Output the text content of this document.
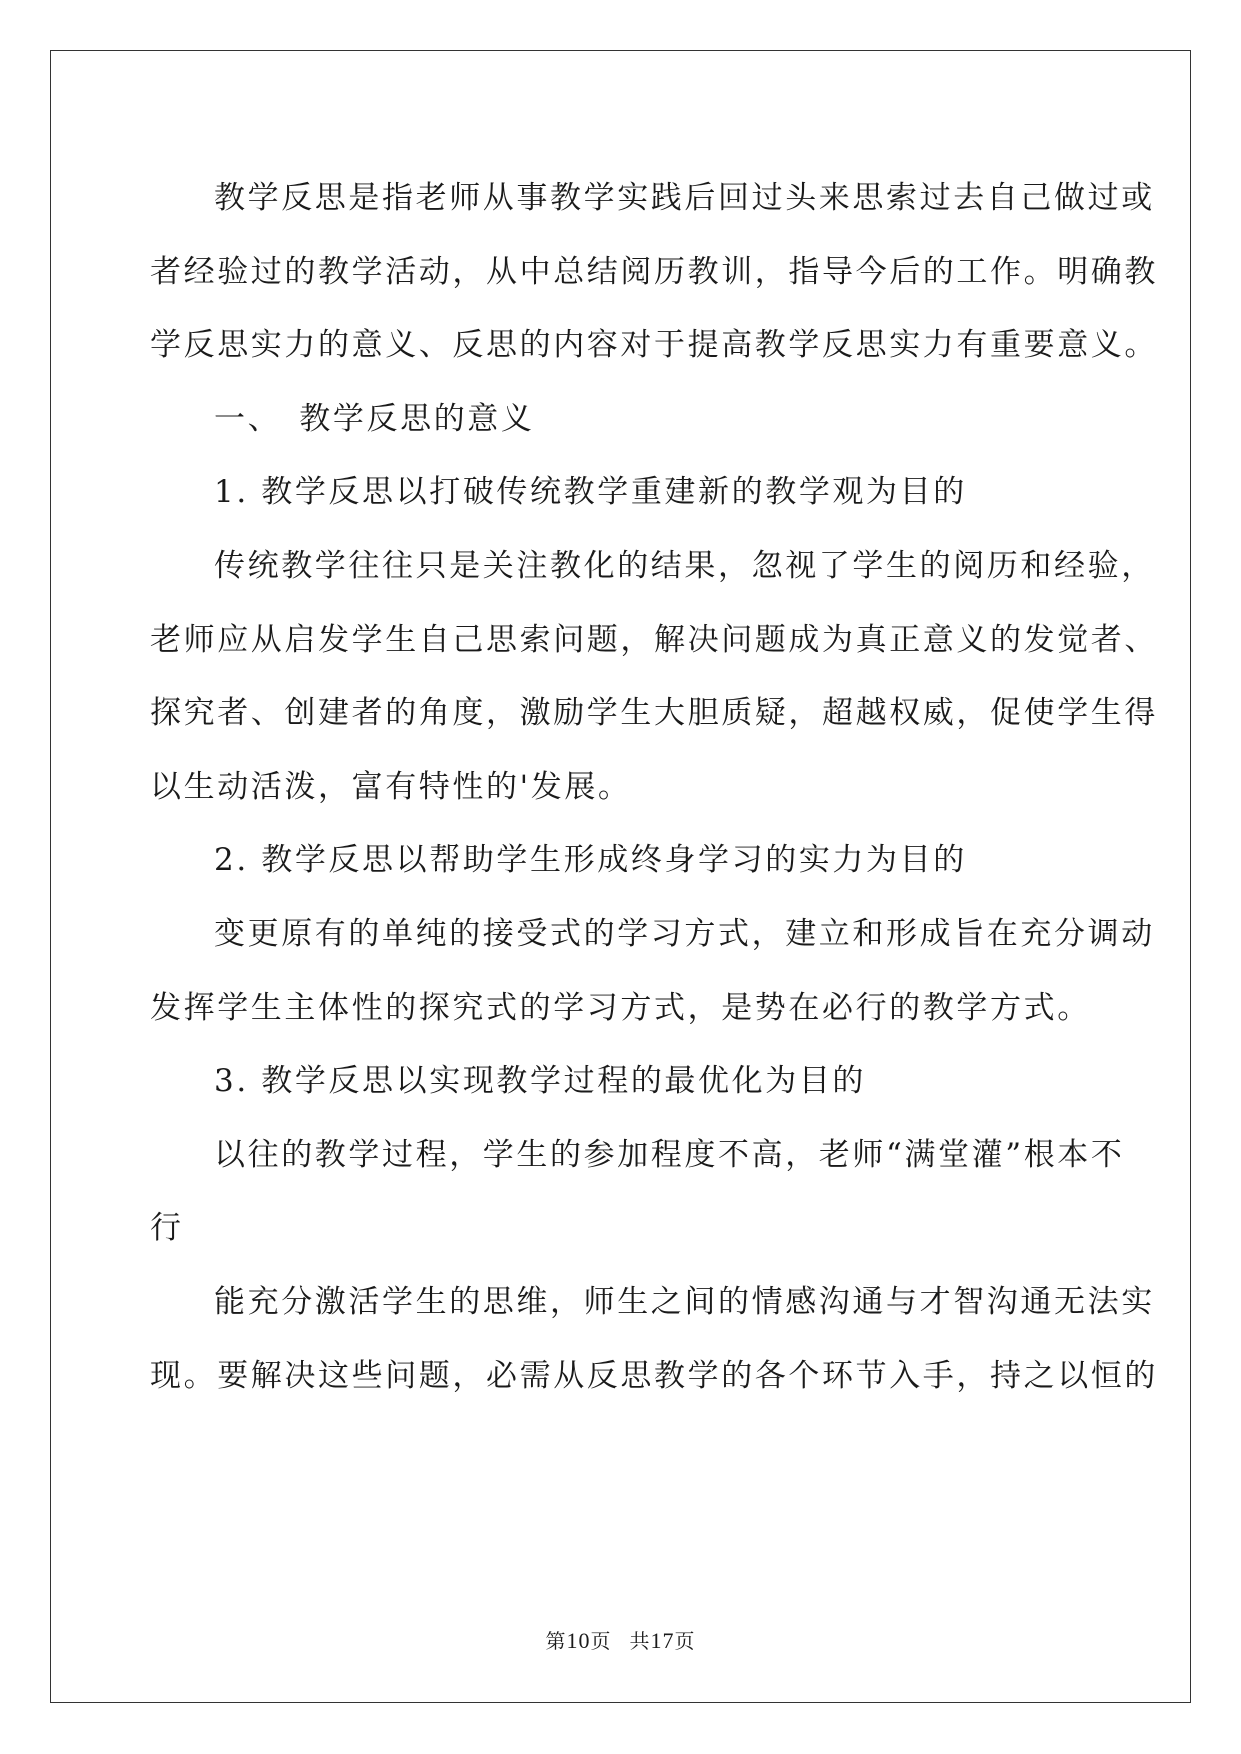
教学反思是指老师从事教学实践后回过头来思索过去自己做过或
者经验过的教学活动，从中总结阅历教训，指导今后的工作。明确教
学反思实力的意义、反思的内容对于提高教学反思实力有重要意义。
一、　教学反思的意义
1. 教学反思以打破传统教学重建新的教学观为目的
传统教学往往只是关注教化的结果，忽视了学生的阅历和经验，
老师应从启发学生自己思索问题，解决问题成为真正意义的发觉者、
探究者、创建者的角度，激励学生大胆质疑，超越权威，促使学生得
以生动活泼，富有特性的'发展。
2. 教学反思以帮助学生形成终身学习的实力为目的
变更原有的单纯的接受式的学习方式，建立和形成旨在充分调动
发挥学生主体性的探究式的学习方式，是势在必行的教学方式。
3. 教学反思以实现教学过程的最优化为目的
以往的教学过程，学生的参加程度不高，老师“满堂灌”根本不
行
能充分激活学生的思维，师生之间的情感沟通与才智沟通无法实
现。要解决这些问题，必需从反思教学的各个环节入手，持之以恒的
第10页 共17页
